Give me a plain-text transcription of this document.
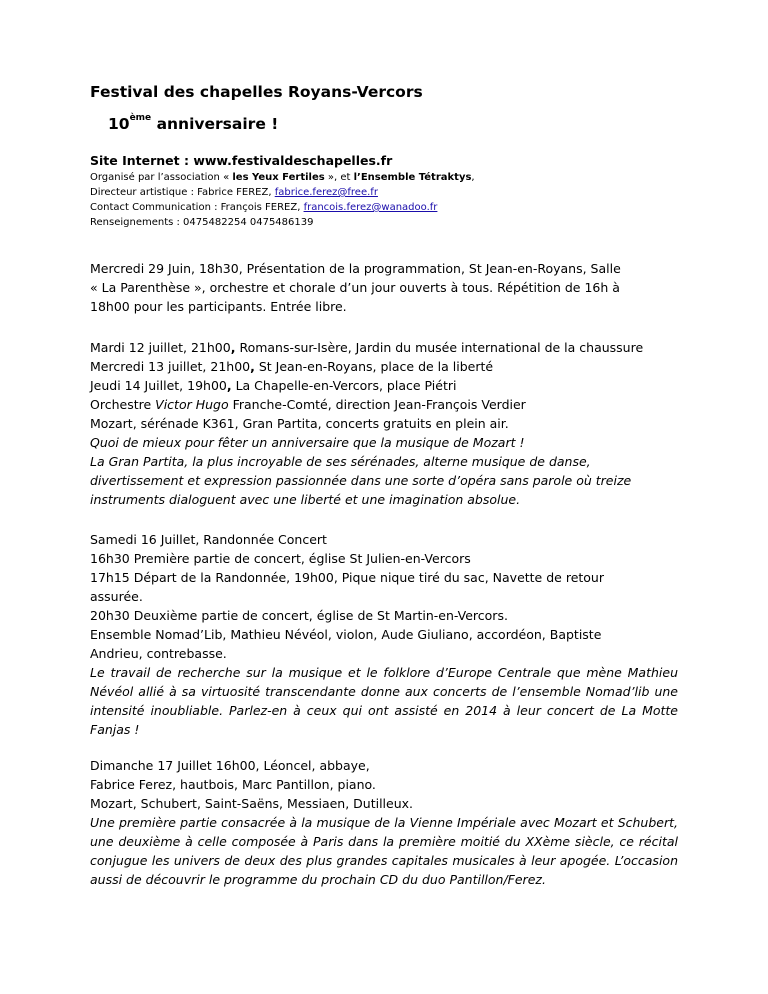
Festival des chapelles Royans-Vercors
10ème anniversaire !
Site Internet : www.festivaldeschapelles.fr
Organisé par l’association « les Yeux Fertiles », et l’Ensemble Tétraktys,
Directeur artistique : Fabrice FEREZ, fabrice.ferez@free.fr
Contact Communication : François FEREZ, francois.ferez@wanadoo.fr
Renseignements : 0475482254 0475486139
Mercredi 29 Juin, 18h30, Présentation de la programmation, St Jean-en-Royans, Salle
« La Parenthèse », orchestre et chorale d’un jour ouverts à tous. Répétition de 16h à
18h00 pour les participants. Entrée libre.
Mardi 12 juillet, 21h00, Romans-sur-Isère, Jardin du musée international de la chaussure
Mercredi 13 juillet, 21h00, St Jean-en-Royans, place de la liberté
Jeudi 14 Juillet, 19h00, La Chapelle-en-Vercors, place Piétri
Orchestre Victor Hugo Franche-Comté, direction Jean-François Verdier
Mozart, sérénade K361, Gran Partita, concerts gratuits en plein air.
Quoi de mieux pour fêter un anniversaire que la musique de Mozart !
La Gran Partita, la plus incroyable de ses sérénades, alterne musique de danse,
divertissement et expression passionnée dans une sorte d’opéra sans parole où treize
instruments dialoguent avec une liberté et une imagination absolue.
Samedi 16 Juillet, Randonnée Concert
16h30 Première partie de concert, église St Julien-en-Vercors
17h15 Départ de la Randonnée, 19h00, Pique nique tiré du sac, Navette de retour
assurée.
20h30 Deuxième partie de concert, église de St Martin-en-Vercors.
Ensemble Nomad’Lib, Mathieu Névéol, violon, Aude Giuliano, accordéon, Baptiste
Andrieu, contrebasse.
Le travail de recherche sur la musique et le folklore d’Europe Centrale que mène Mathieu Névéol allié à sa virtuosité transcendante donne aux concerts de l’ensemble Nomad’lib une intensité inoubliable. Parlez-en à ceux qui ont assisté en 2014 à leur concert de La Motte Fanjas !
Dimanche 17 Juillet 16h00, Léoncel, abbaye,
Fabrice Ferez, hautbois, Marc Pantillon, piano.
Mozart, Schubert, Saint-Saëns, Messiaen, Dutilleux.
Une première partie consacrée à la musique de la Vienne Impériale avec Mozart et Schubert, une deuxième à celle composée à Paris dans la première moitié du XXème siècle, ce récital conjugue les univers de deux des plus grandes capitales musicales à leur apogée. L’occasion aussi de découvrir le programme du prochain CD du duo Pantillon/Ferez.
